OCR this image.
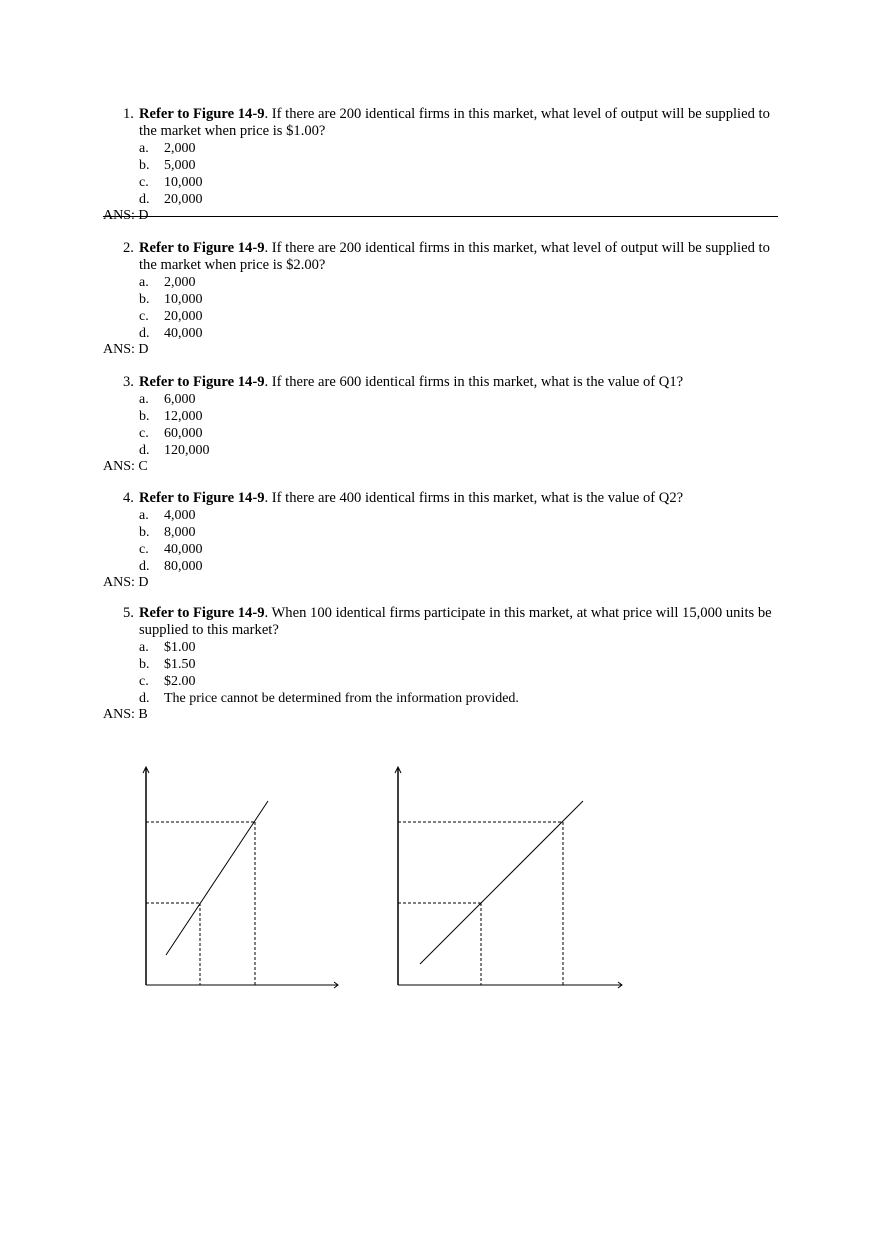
1. Refer to Figure 14-9. If there are 200 identical firms in this market, what level of output will be supplied to the market when price is $1.00?
a. 2,000
b. 5,000
c. 10,000
d. 20,000
ANS: D
2. Refer to Figure 14-9. If there are 200 identical firms in this market, what level of output will be supplied to the market when price is $2.00?
a. 2,000
b. 10,000
c. 20,000
d. 40,000
ANS: D
3. Refer to Figure 14-9. If there are 600 identical firms in this market, what is the value of Q1?
a. 6,000
b. 12,000
c. 60,000
d. 120,000
ANS: C
4. Refer to Figure 14-9. If there are 400 identical firms in this market, what is the value of Q2?
a. 4,000
b. 8,000
c. 40,000
d. 80,000
ANS: D
5. Refer to Figure 14-9. When 100 identical firms participate in this market, at what price will 15,000 units be supplied to this market?
a. $1.00
b. $1.50
c. $2.00
d. The price cannot be determined from the information provided.
ANS: B
